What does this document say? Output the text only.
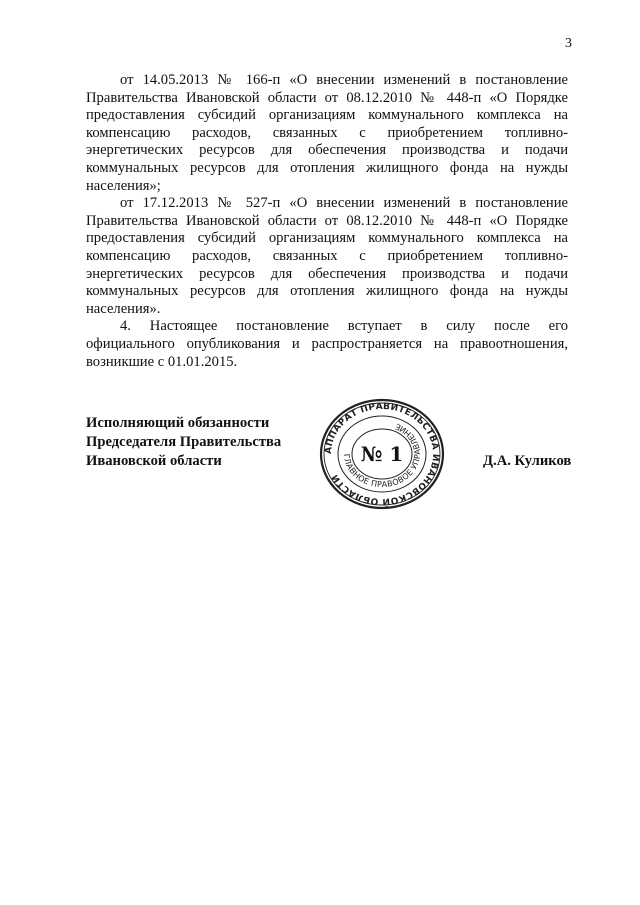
3
от 14.05.2013 № 166-п «О внесении изменений в постановление
Правительства Ивановской области от 08.12.2010 № 448-п «О Порядке
предоставления субсидий организациям коммунального комплекса на
компенсацию расходов, связанных с приобретением топливно-
энергетических ресурсов для обеспечения производства и подачи
коммунальных ресурсов для отопления жилищного фонда на нужды
населения»;
от 17.12.2013 № 527-п «О внесении изменений в постановление
Правительства Ивановской области от 08.12.2010 № 448-п «О Порядке
предоставления субсидий организациям коммунального комплекса на
компенсацию расходов, связанных с приобретением топливно-
энергетических ресурсов для обеспечения производства и подачи
коммунальных ресурсов для отопления жилищного фонда на нужды
населения».
4. Настоящее постановление вступает в силу после его
официального опубликования и распространяется на правоотношения,
возникшие с 01.01.2015.
Исполняющий обязанности
Председателя Правительства
Ивановской области
АППАРАТ ПРАВИТЕЛЬСТВА ИВАНОВСКОЙ ОБЛАСТИ
ГЛАВНОЕ ПРАВОВОЕ УПРАВЛЕНИЕ
№ 1	Д.А. Куликов
